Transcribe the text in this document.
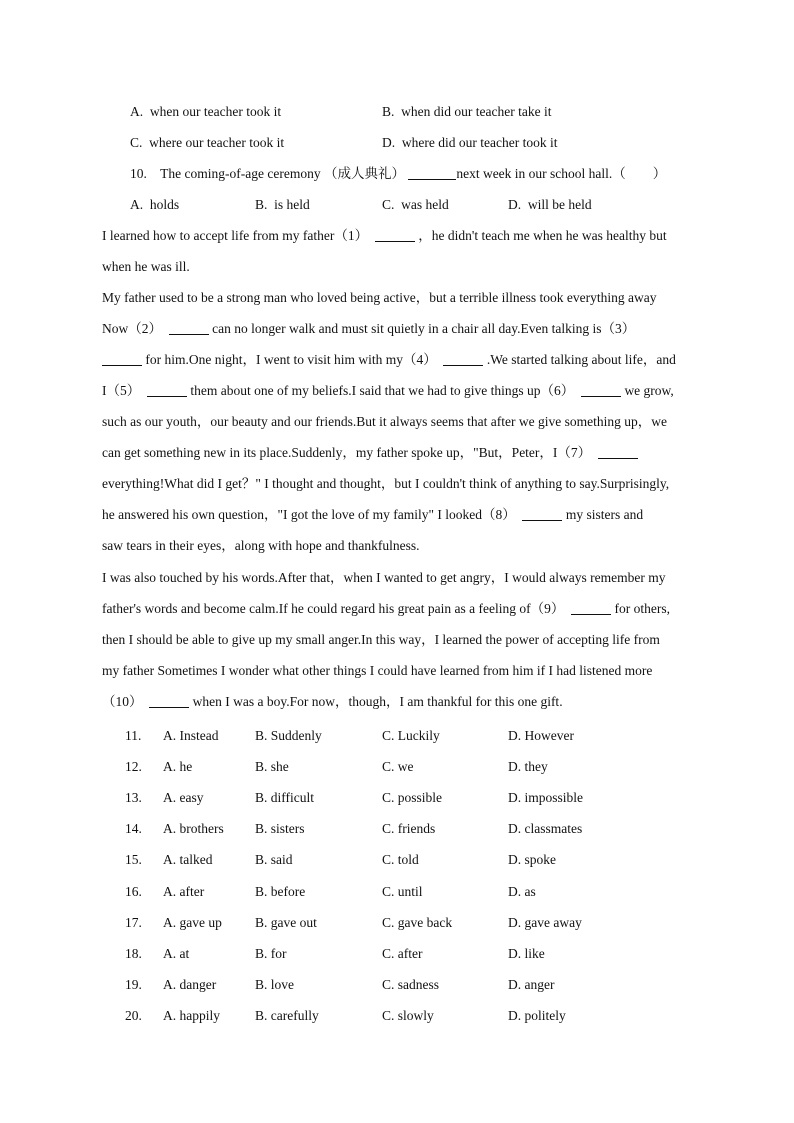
A. when our teacher took it	B. when did our teacher take it
C. where our teacher took it	D. where did our teacher took it
10. The coming-of-age ceremony （成人典礼）	next week in our school hall.（　　）
A. holds	B. is held	C. was held	D. will be held
I learned how to accept life from my father（1）	，he didn't teach me when he was healthy but
when he was ill.
My father used to be a strong man who loved being active，but a terrible illness took everything away
Now（2）	can no longer walk and must sit quietly in a chair all day.Even talking is（3）
for him.One night，I went to visit him with my（4）	.We started talking about life，and
I（5）	them about one of my beliefs.I said that we had to give things up（6）	we grow,
such as our youth，our beauty and our friends.But it always seems that after we give something up，we
can get something new in its place.Suddenly，my father spoke up，"But，Peter，I（7）
everything!What did I get？" I thought and thought，but I couldn't think of anything to say.Surprisingly,
he answered his own question，"I got the love of my family" I looked（8）	my sisters and
saw tears in their eyes，along with hope and thankfulness.
I was also touched by his words.After that，when I wanted to get angry，I would always remember my
father's words and become calm.If he could regard his great pain as a feeling of（9）	for others,
then I should be able to give up my small anger.In this way，I learned the power of accepting life from
my father Sometimes I wonder what other things I could have learned from him if I had listened more
（10）	when I was a boy.For now，though，I am thankful for this one gift.
11. A. Instead	B. Suddenly	C. Luckily	D. However
12. A. he	B. she	C. we	D. they
13. A. easy	B. difficult	C. possible	D. impossible
14. A. brothers B. sisters	C. friends	D. classmates
15. A. talked	B. said	C. told	D. spoke
16. A. after	B. before	C. until	D. as
17. A. gave up B. gave out	C. gave back	D. gave away
18. A. at	B. for	C. after	D. like
19. A. danger	B. love	C. sadness	D. anger
20. A. happily	B. carefully	C. slowly	D. politely
